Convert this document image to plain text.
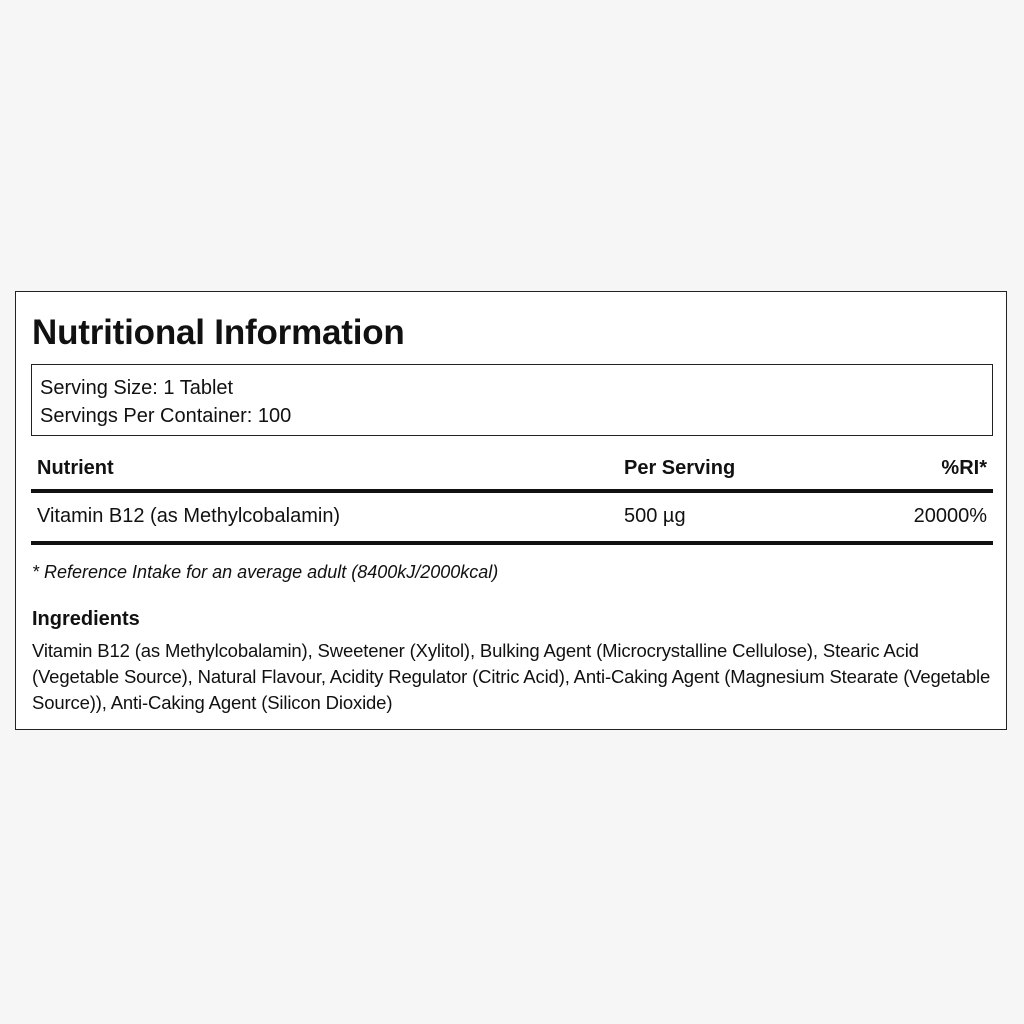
Nutritional Information
Serving Size: 1 Tablet
Servings Per Container: 100
Nutrient	Per Serving	%RI*
Vitamin B12 (as Methylcobalamin)	500 µg	20000%
* Reference Intake for an average adult (8400kJ/2000kcal)
Ingredients

Vitamin B12 (as Methylcobalamin), Sweetener (Xylitol), Bulking Agent (Microcrystalline Cellulose), Stearic Acid (Vegetable Source), Natural Flavour, Acidity Regulator (Citric Acid), Anti-Caking Agent (Magnesium Stearate (Vegetable Source)), Anti-Caking Agent (Silicon Dioxide)
